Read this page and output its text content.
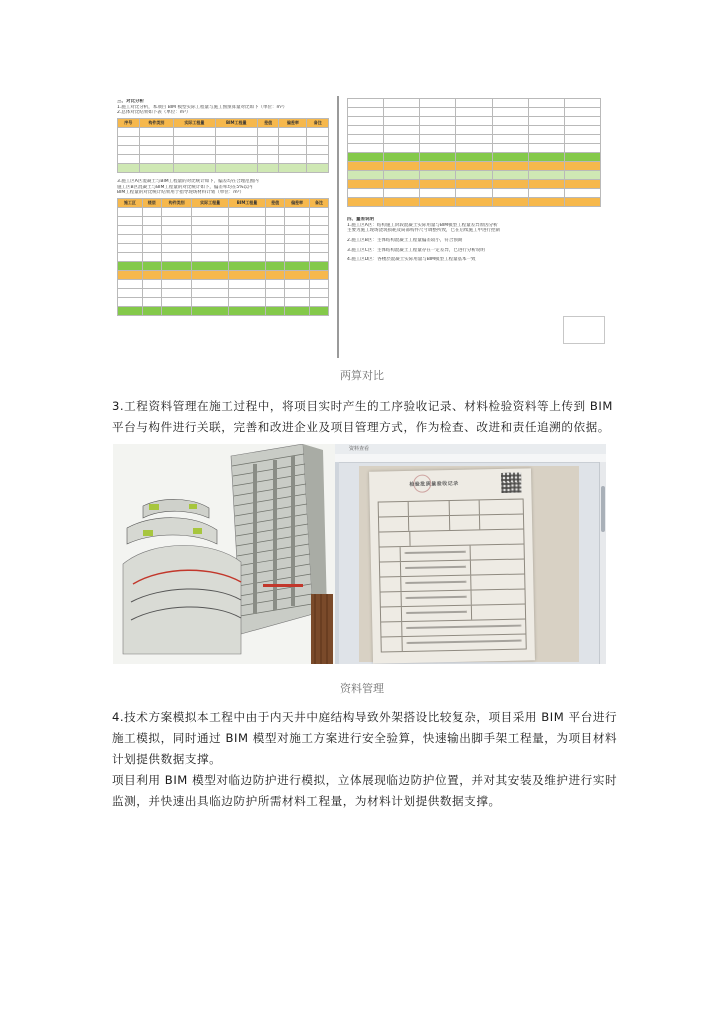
三、对比分析
1.施工对比分析，本项目 BIM 模型实际工程量与施工图预算量对比如下（单位：m³）
2.总体对比结果如下表（单位：m³）
序号	构件类别	实际工程量	BIM工程量	差值	偏差率	备注

3.施工区A区混凝土与BIM工程量的对比统计如下，偏差均在合理范围内
施工区B区混凝土与BIM工程量的对比统计如下，偏差率均在5%以内
BIM工程量的对比统计结果用于指导现场材料计划（单位：m³）
施工区	楼层	构件类别	实际工程量	BIM工程量	差值	偏差率	备注

四、量差说明
1.施工区A区：结构施工阶段混凝土实际用量与BIM模型工程量差异原因分析
主要为施工现场浇筑损耗及局部构件尺寸调整所致，已在后续施工中进行控制
2.施工区B区：主体结构混凝土工程量偏差较小，符合预期
3.施工区C区：主体结构混凝土工程量存在一定差异，已进行分析说明
4.施工区D区：各楼层混凝土实际用量与BIM模型工程量基本一致
两算对比

3.工程资料管理在施工过程中，将项目实时产生的工序验收记录、材料检验资料等上传到 BIM 平台与构件进行关联，完善和改进企业及项目管理方式，作为检查、改进和责任追溯的依据。

资料查看
检验批质量验收记录
资料管理

4.技术方案模拟本工程中由于内天井中庭结构导致外架搭设比较复杂，项目采用 BIM 平台进行施工模拟，同时通过 BIM 模型对施工方案进行安全验算，快速输出脚手架工程量，为项目材料计划提供数据支撑。

项目利用 BIM 模型对临边防护进行模拟，立体展现临边防护位置，并对其安装及维护进行实时监测，并快速出具临边防护所需材料工程量，为材料计划提供数据支撑。
